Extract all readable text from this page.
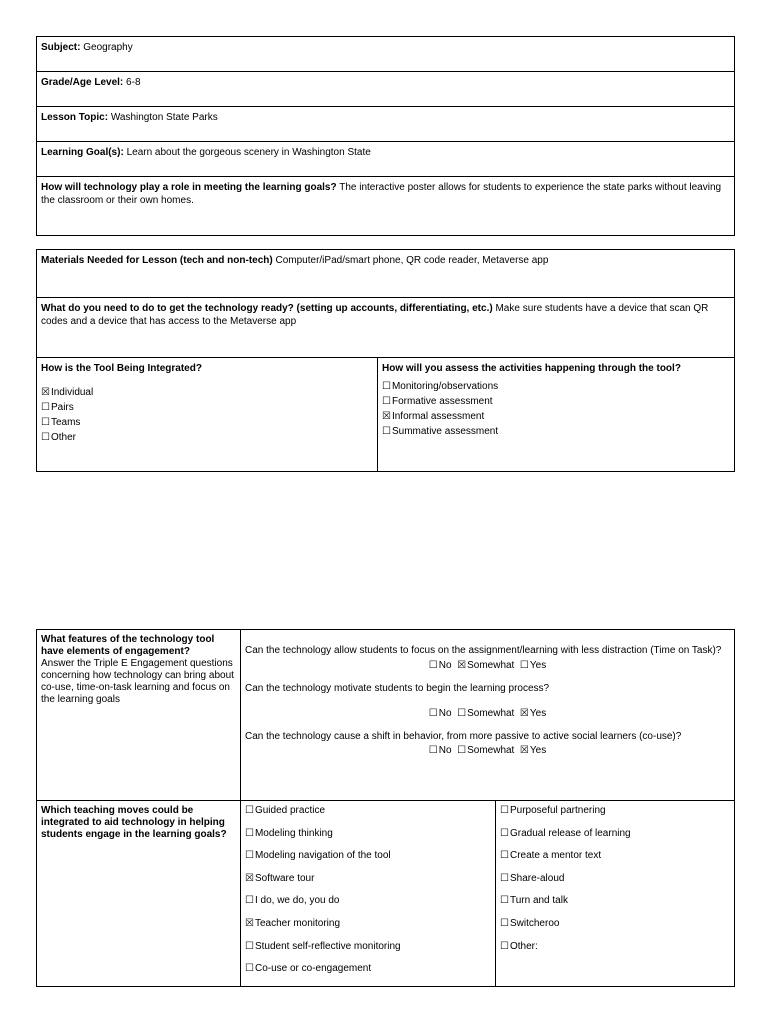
Subject: Geography
Grade/Age Level: 6-8
Lesson Topic: Washington State Parks
Learning Goal(s): Learn about the gorgeous scenery in Washington State
How will technology play a role in meeting the learning goals? The interactive poster allows for students to experience the state parks without leaving the classroom or their own homes.
Materials Needed for Lesson (tech and non-tech) Computer/iPad/smart phone, QR code reader, Metaverse app
What do you need to do to get the technology ready? (setting up accounts, differentiating, etc.) Make sure students have a device that scan QR codes and a device that has access to the Metaverse app
How is the Tool Being Integrated?
☒Individual
☐Pairs
☐Teams
☐Other
How will you assess the activities happening through the tool?
☐Monitoring/observations
☐Formative assessment
☒Informal assessment
☐Summative assessment
What features of the technology tool have elements of engagement?
Answer the Triple E Engagement questions concerning how technology can bring about co-use, time-on-task learning and focus on the learning goals
Can the technology allow students to focus on the assignment/learning with less distraction (Time on Task)?
☐No ☒Somewhat ☐Yes
Can the technology motivate students to begin the learning process?
☐No ☐Somewhat ☒Yes
Can the technology cause a shift in behavior, from more passive to active social learners (co-use)?
☐No ☐Somewhat ☒Yes
Which teaching moves could be integrated to aid technology in helping students engage in the learning goals?
☐Guided practice
☐Modeling thinking
☐Modeling navigation of the tool
☒Software tour
☐I do, we do, you do
☒Teacher monitoring
☐Student self-reflective monitoring
☐Co-use or co-engagement
☐Purposeful partnering
☐Gradual release of learning
☐Create a mentor text
☐Share-aloud
☐Turn and talk
☐Switcheroo
☐Other:
